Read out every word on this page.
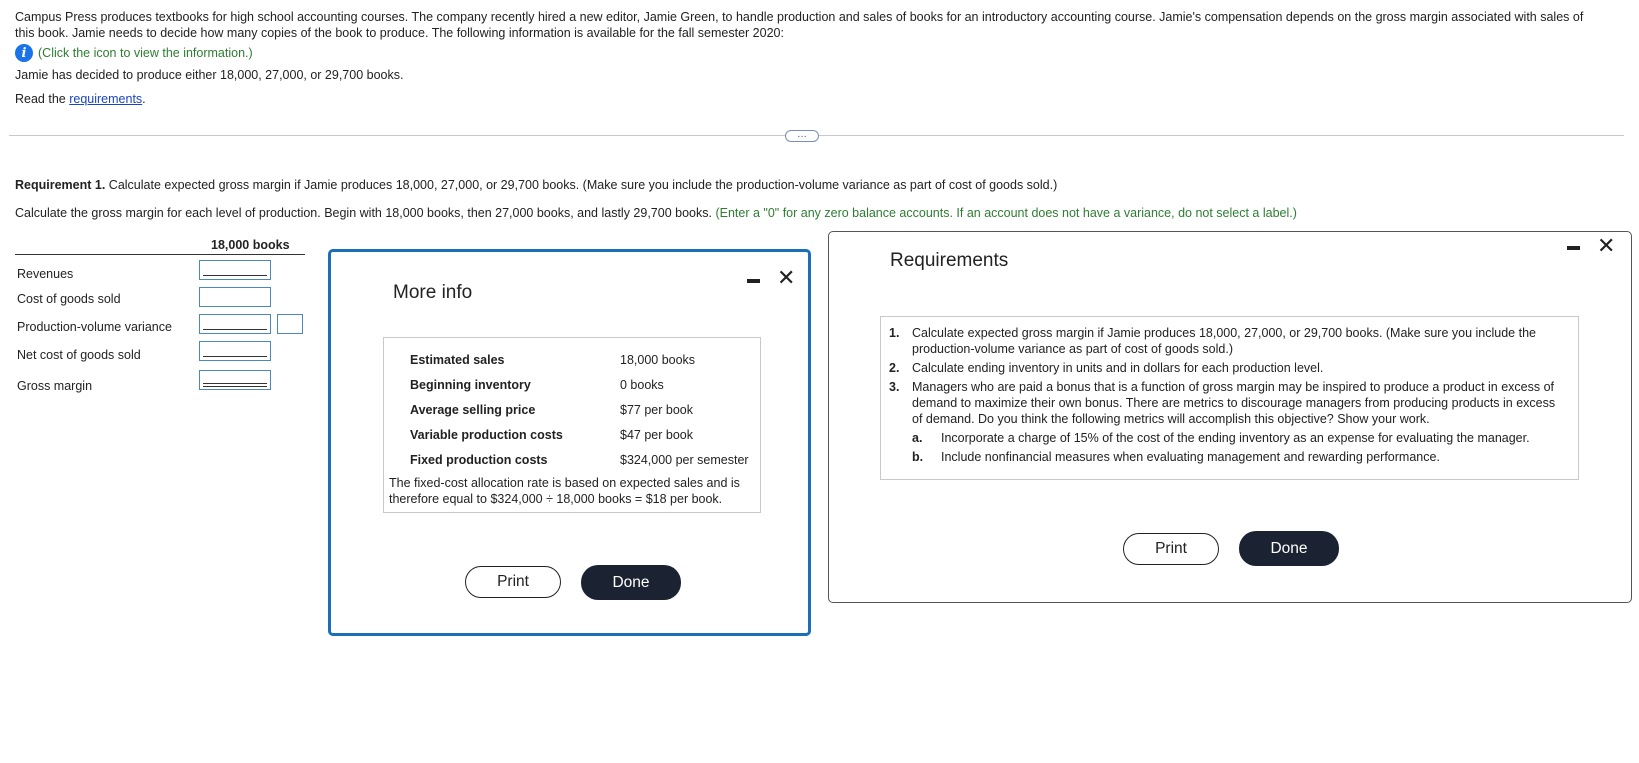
Campus Press produces textbooks for high school accounting courses. The company recently hired a new editor, Jamie Green, to handle production and sales of books for an introductory accounting course. Jamie's compensation depends on the gross margin associated with sales of this book. Jamie needs to decide how many copies of the book to produce. The following information is available for the fall semester 2020:
i (Click the icon to view the information.)
Jamie has decided to produce either 18,000, 27,000, or 29,700 books.
Read the requirements.
…
Requirement 1. Calculate expected gross margin if Jamie produces 18,000, 27,000, or 29,700 books. (Make sure you include the production-volume variance as part of cost of goods sold.)
Calculate the gross margin for each level of production. Begin with 18,000 books, then 27,000 books, and lastly 29,700 books. (Enter a "0" for any zero balance accounts. If an account does not have a variance, do not select a label.)
18,000 books
Revenues
Cost of goods sold
Production-volume variance
Net cost of goods sold
Gross margin
More info
✕
Estimated sales	18,000 books
Beginning inventory	0 books
Average selling price	$77 per book
Variable production costs	$47 per book
Fixed production costs	$324,000 per semester
The fixed-cost allocation rate is based on expected sales and is therefore equal to $324,000 ÷ 18,000 books = $18 per book.
Print	Done
Requirements
✕
1.	Calculate expected gross margin if Jamie produces 18,000, 27,000, or 29,700 books. (Make sure you include the production-volume variance as part of cost of goods sold.)
2.	Calculate ending inventory in units and in dollars for each production level.
3.	Managers who are paid a bonus that is a function of gross margin may be inspired to produce a product in excess of demand to maximize their own bonus. There are metrics to discourage managers from producing products in excess of demand. Do you think the following metrics will accomplish this objective? Show your work.
a.	Incorporate a charge of 15% of the cost of the ending inventory as an expense for evaluating the manager.
b.	Include nonfinancial measures when evaluating management and rewarding performance.
Print	Done
